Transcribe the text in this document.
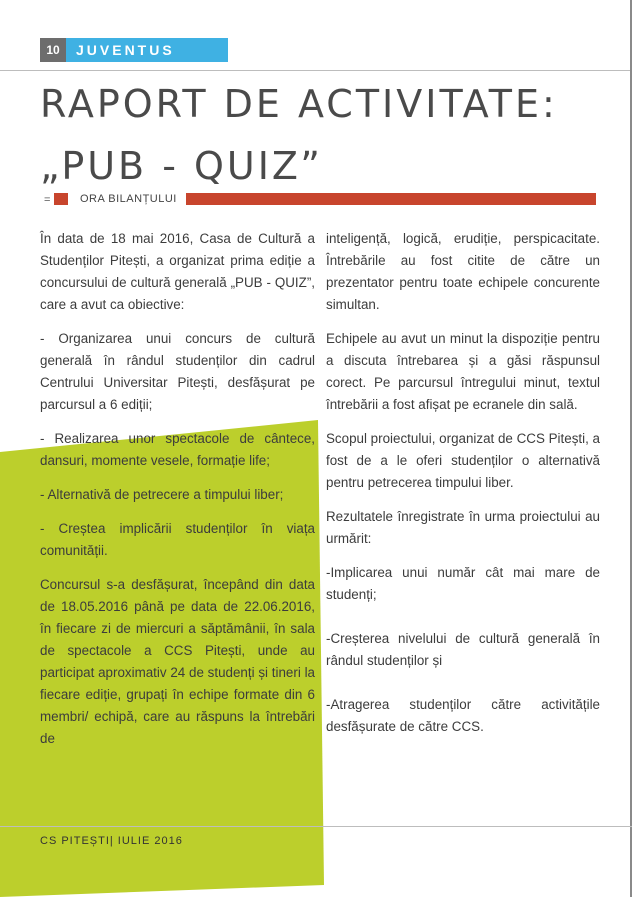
10	JUVENTUS
RAPORT DE ACTIVITATE:
„PUB - QUIZ”
=	ORA BILANȚULUI

În data de 18 mai 2016, Casa de Cultură a Studenților Pitești, a organizat prima ediție a concursului de cultură generală „PUB - QUIZ”, care a avut ca obiective:

- Organizarea unui concurs de cultură generală în rândul studenților din cadrul Centrului Universitar Pitești, desfășurat pe parcursul a 6 ediții;

- Realizarea unor spectacole de cântece, dansuri, momente vesele, formație life;

- Alternativă de petrecere a timpului liber;

- Creștea implicării studenților în viața comunității.

Concursul s-a desfășurat, începând din data de 18.05.2016 până pe data de 22.06.2016, în fiecare zi de miercuri a săptămânii, în sala de spectacole a CCS Pitești, unde au participat aproximativ 24 de studenți și tineri la fiecare ediție, grupați în echipe formate din 6 membri/ echipă, care au răspuns la întrebări de

inteligență, logică, erudiție, perspicacitate. Întrebările au fost citite de către un prezentator pentru toate echipele concurente simultan.

Echipele au avut un minut la dispoziție pentru a discuta întrebarea și a găsi răspunsul corect. Pe parcursul întregului minut, textul întrebării a fost afișat pe ecranele din sală.

Scopul proiectului, organizat de CCS Pitești, a fost de a le oferi studenților o alternativă pentru petrecerea timpului liber.

Rezultatele înregistrate în urma proiectului au urmărit:

-Implicarea unui număr cât mai mare de studenți;

-Creșterea nivelului de cultură generală în rândul studenților și

-Atragerea studenților către activitățile desfășurate de către CCS.

CS PITEȘTI| IULIE 2016
